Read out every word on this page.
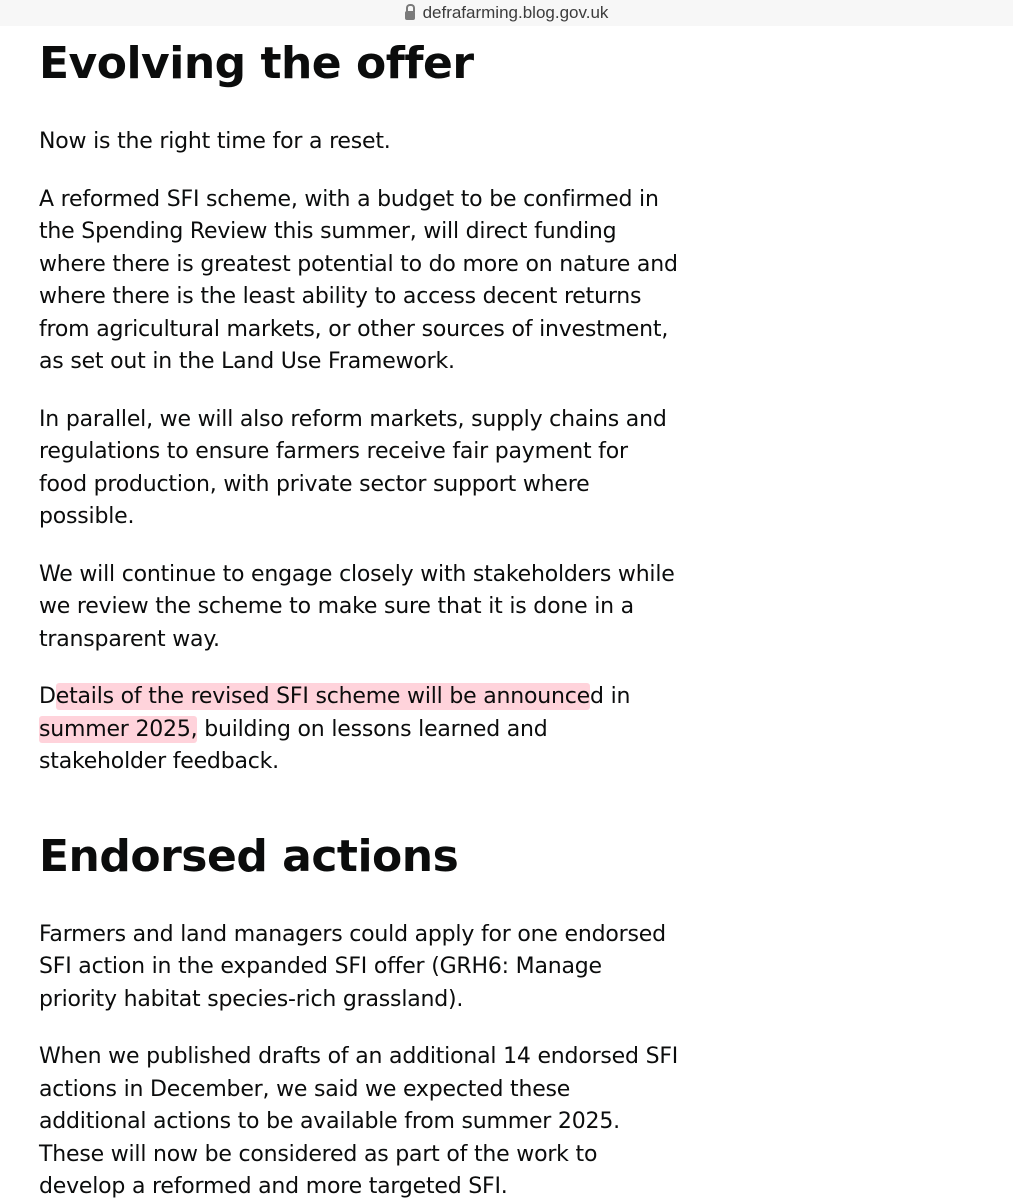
defrafarming.blog.gov.uk
Evolving the offer

Now is the right time for a reset.

A reformed SFI scheme, with a budget to be confirmed in the Spending Review this summer, will direct funding where there is greatest potential to do more on nature and where there is the least ability to access decent returns from agricultural markets, or other sources of investment, as set out in the Land Use Framework.

In parallel, we will also reform markets, supply chains and regulations to ensure farmers receive fair payment for food production, with private sector support where possible.

We will continue to engage closely with stakeholders while we review the scheme to make sure that it is done in a transparent way.

Details of the revised SFI scheme will be announced in summer 2025, building on lessons learned and stakeholder feedback.

Endorsed actions

Farmers and land managers could apply for one endorsed SFI action in the expanded SFI offer (GRH6: Manage priority habitat species-rich grassland).

When we published drafts of an additional 14 endorsed SFI actions in December, we said we expected these additional actions to be available from summer 2025. These will now be considered as part of the work to develop a reformed and more targeted SFI.
